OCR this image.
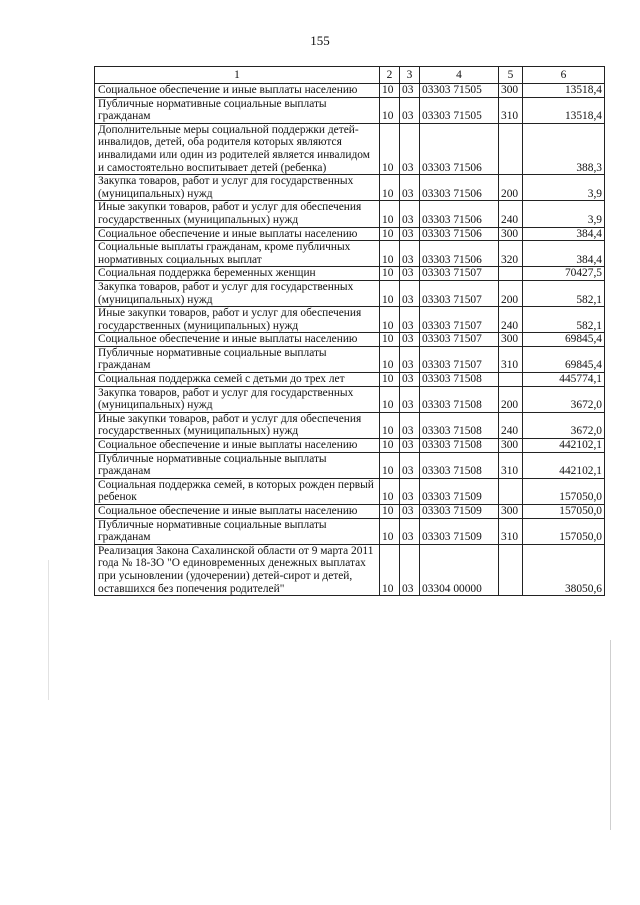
155
1	2	3	4	5	6
Социальное обеспечение и иные выплаты населению	10	03	03303 71505	300	13518,4
Публичные нормативные социальные выплаты гражданам	10	03	03303 71505	310	13518,4
Дополнительные меры социальной поддержки детей-инвалидов, детей, оба родителя которых являются инвалидами или один из родителей является инвалидом и самостоятельно воспитывает детей (ребенка)	10	03	03303 71506		388,3
Закупка товаров, работ и услуг для государственных (муниципальных) нужд	10	03	03303 71506	200	3,9
Иные закупки товаров, работ и услуг для обеспечения государственных (муниципальных) нужд	10	03	03303 71506	240	3,9
Социальное обеспечение и иные выплаты населению	10	03	03303 71506	300	384,4
Социальные выплаты гражданам, кроме публичных нормативных социальных выплат	10	03	03303 71506	320	384,4
Социальная поддержка беременных женщин	10	03	03303 71507		70427,5
Закупка товаров, работ и услуг для государственных (муниципальных) нужд	10	03	03303 71507	200	582,1
Иные закупки товаров, работ и услуг для обеспечения государственных (муниципальных) нужд	10	03	03303 71507	240	582,1
Социальное обеспечение и иные выплаты населению	10	03	03303 71507	300	69845,4
Публичные нормативные социальные выплаты гражданам	10	03	03303 71507	310	69845,4
Социальная поддержка семей с детьми до трех лет	10	03	03303 71508		445774,1
Закупка товаров, работ и услуг для государственных (муниципальных) нужд	10	03	03303 71508	200	3672,0
Иные закупки товаров, работ и услуг для обеспечения государственных (муниципальных) нужд	10	03	03303 71508	240	3672,0
Социальное обеспечение и иные выплаты населению	10	03	03303 71508	300	442102,1
Публичные нормативные социальные выплаты гражданам	10	03	03303 71508	310	442102,1
Социальная поддержка семей, в которых рожден первый ребенок	10	03	03303 71509		157050,0
Социальное обеспечение и иные выплаты населению	10	03	03303 71509	300	157050,0
Публичные нормативные социальные выплаты гражданам	10	03	03303 71509	310	157050,0
Реализация Закона Сахалинской области от 9 марта 2011 года № 18-ЗО "О единовременных денежных выплатах при усыновлении (удочерении) детей-сирот и детей, оставшихся без попечения родителей"	10	03	03304 00000		38050,6
